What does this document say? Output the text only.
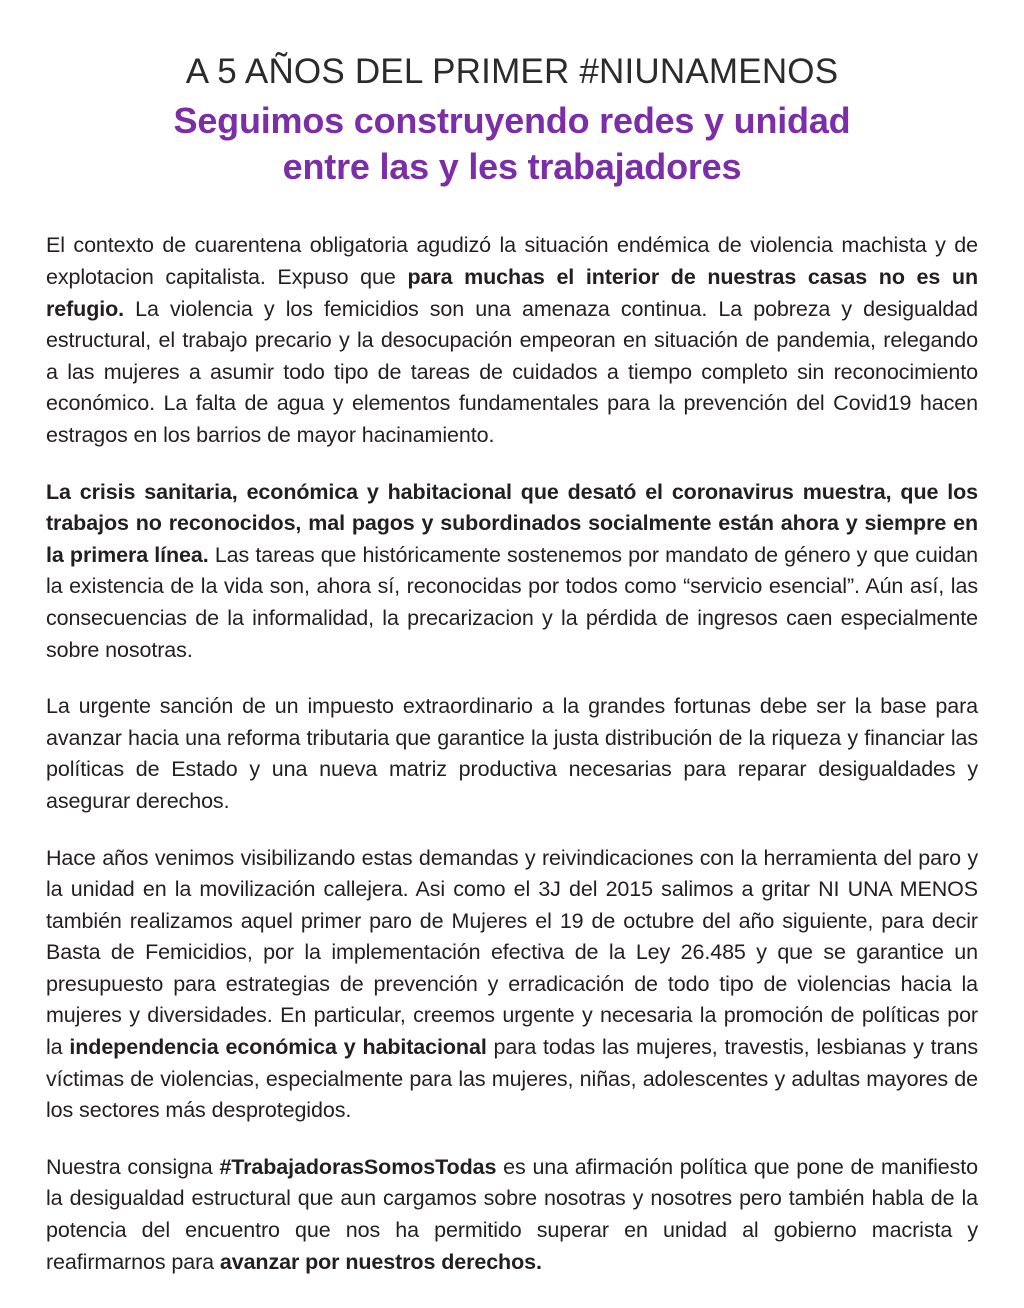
A 5 AÑOS DEL PRIMER #NIUNAMENOS
Seguimos construyendo redes y unidad
entre las y les trabajadores

El contexto de cuarentena obligatoria agudizó la situación endémica de violencia machista y de explotacion capitalista. Expuso que para muchas el interior de nuestras casas no es un refugio. La violencia y los femicidios son una amenaza continua. La pobreza y desigualdad estructural, el trabajo precario y la desocupación empeoran en situación de pandemia, relegando a las mujeres a asumir todo tipo de tareas de cuidados a tiempo completo sin reconocimiento económico. La falta de agua y elementos fundamentales para la prevención del Covid19 hacen estragos en los barrios de mayor hacinamiento.

La crisis sanitaria, económica y habitacional que desató el coronavirus muestra, que los trabajos no reconocidos, mal pagos y subordinados socialmente están ahora y siempre en la primera línea. Las tareas que históricamente sostenemos por mandato de género y que cuidan la existencia de la vida son, ahora sí, reconocidas por todos como “servicio esencial”. Aún así, las consecuencias de la informalidad, la precarizacion y la pérdida de ingresos caen especialmente sobre nosotras.

La urgente sanción de un impuesto extraordinario a la grandes fortunas debe ser la base para avanzar hacia una reforma tributaria que garantice la justa distribución de la riqueza y financiar las políticas de Estado y una nueva matriz productiva necesarias para reparar desigualdades y asegurar derechos.

Hace años venimos visibilizando estas demandas y reivindicaciones con la herramienta del paro y la unidad en la movilización callejera. Asi como el 3J del 2015 salimos a gritar NI UNA MENOS también realizamos aquel primer paro de Mujeres el 19 de octubre del año siguiente, para decir Basta de Femicidios, por la implementación efectiva de la Ley 26.485 y que se garantice un presupuesto para estrategias de prevención y erradicación de todo tipo de violencias hacia la mujeres y diversidades. En particular, creemos urgente y necesaria la promoción de políticas por la independencia económica y habitacional para todas las mujeres, travestis, lesbianas y trans víctimas de violencias, especialmente para las mujeres, niñas, adolescentes y adultas mayores de los sectores más desprotegidos.

Nuestra consigna #TrabajadorasSomosTodas es una afirmación política que pone de manifiesto la desigualdad estructural que aun cargamos sobre nosotras y nosotres pero también habla de la potencia del encuentro que nos ha permitido superar en unidad al gobierno macrista y reafirmarnos para avanzar por nuestros derechos.
